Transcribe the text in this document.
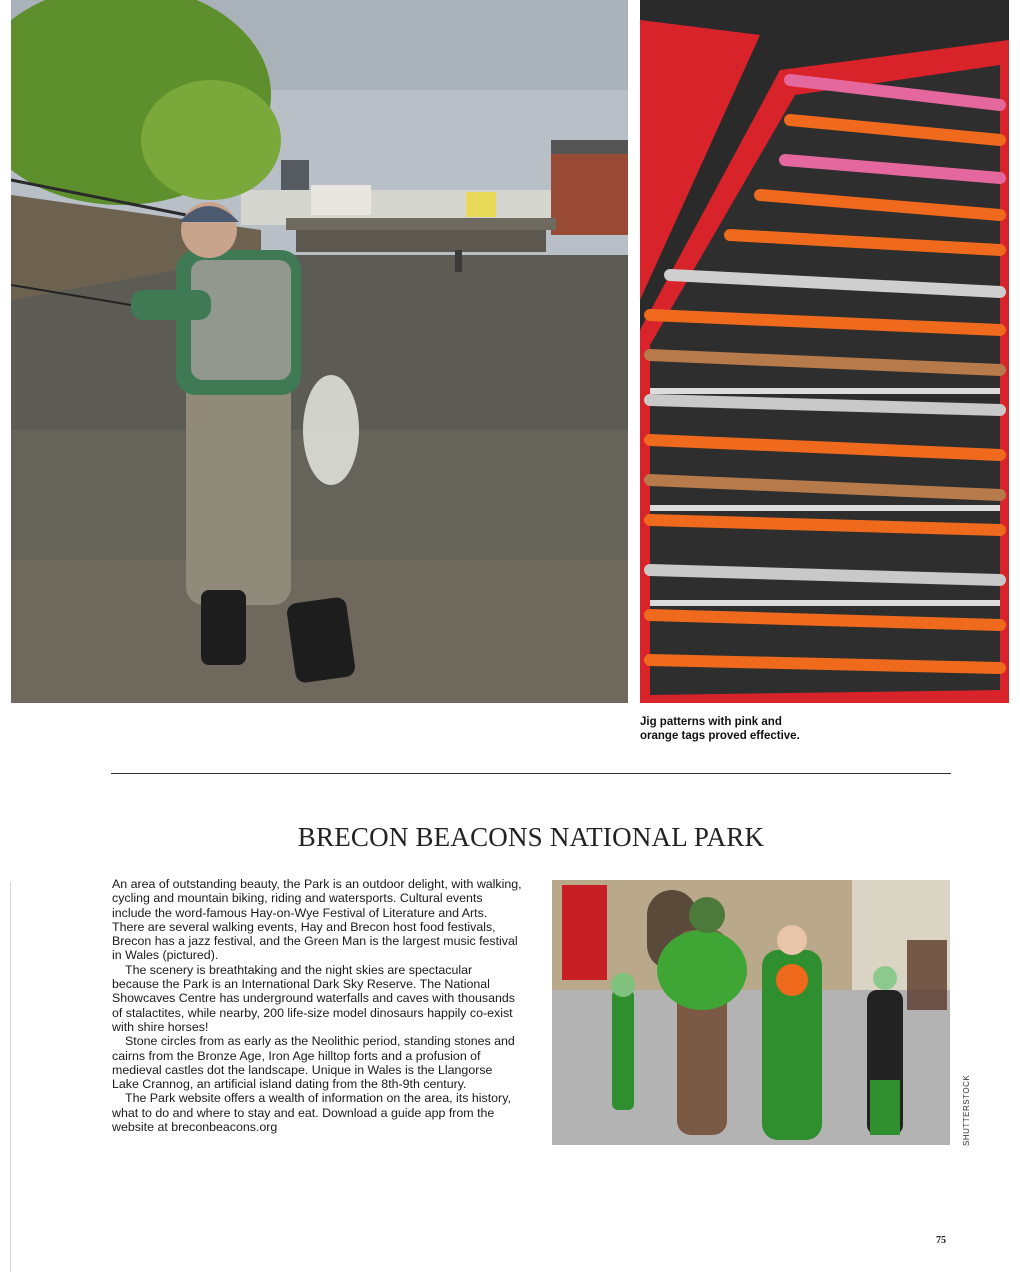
Jig patterns with pink and
orange tags proved effective.
BRECON BEACONS NATIONAL PARK

An area of outstanding beauty, the Park is an outdoor delight, with walking, cycling and mountain biking, riding and watersports. Cultural events include the word-famous Hay-on-Wye Festival of Literature and Arts. There are several walking events, Hay and Brecon host food festivals, Brecon has a jazz festival, and the Green Man is the largest music festival in Wales (pictured).

The scenery is breathtaking and the night skies are spectacular because the Park is an International Dark Sky Reserve. The National Showcaves Centre has underground waterfalls and caves with thousands of stalactites, while nearby, 200 life-size model dinosaurs happily co-exist with shire horses!

Stone circles from as early as the Neolithic period, standing stones and cairns from the Bronze Age, Iron Age hilltop forts and a profusion of medieval castles dot the landscape. Unique in Wales is the Llangorse Lake Crannog, an artificial island dating from the 8th-9th century.

The Park website offers a wealth of information on the area, its history, what to do and where to stay and eat. Download a guide app from the website at breconbeacons.org	SHUTTERSTOCK
75
